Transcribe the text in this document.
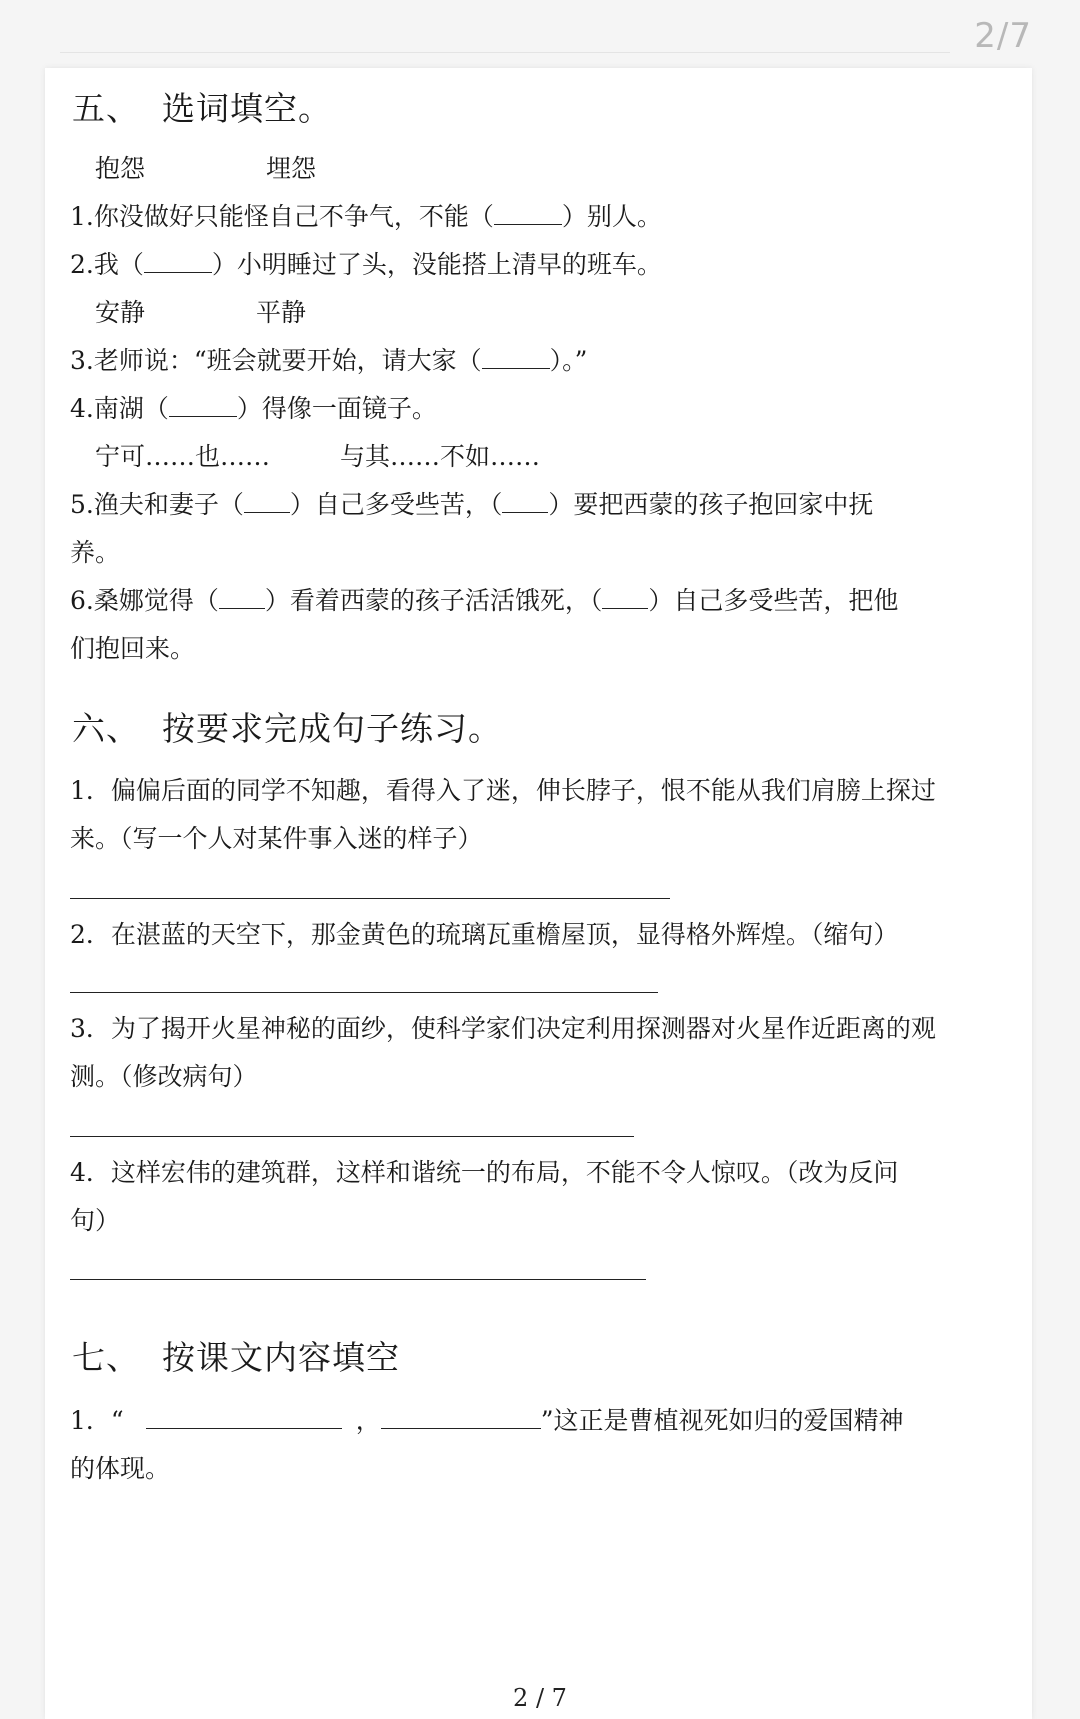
2/7
五、 选词填空。
抱怨	埋怨
1.你没做好只能怪自己不争气，不能（	）别人。
2.我（	）小明睡过了头，没能搭上清早的班车。
安静	平静
3.老师说：“班会就要开始，请大家（	）。”
4.南湖（	）得像一面镜子。
宁可……也……	与其……不如……
5.渔夫和妻子（ ）自己多受些苦，（ ）要把西蒙的孩子抱回家中抚
养。
6.桑娜觉得（ ）看着西蒙的孩子活活饿死，（ ）自己多受些苦，把他
们抱回来。
六、 按要求完成句子练习。
1．偏偏后面的同学不知趣，看得入了迷，伸长脖子，恨不能从我们肩膀上探过
来。（写一个人对某件事入迷的样子）
2．在湛蓝的天空下，那金黄色的琉璃瓦重檐屋顶，显得格外辉煌。（缩句）
3．为了揭开火星神秘的面纱，使科学家们决定利用探测器对火星作近距离的观
测。（修改病句）
4．这样宏伟的建筑群，这样和谐统一的布局，不能不令人惊叹。（改为反问
句）
七、 按课文内容填空
1．“	，	”这正是曹植视死如归的爱国精神
的体现。
2 / 7
